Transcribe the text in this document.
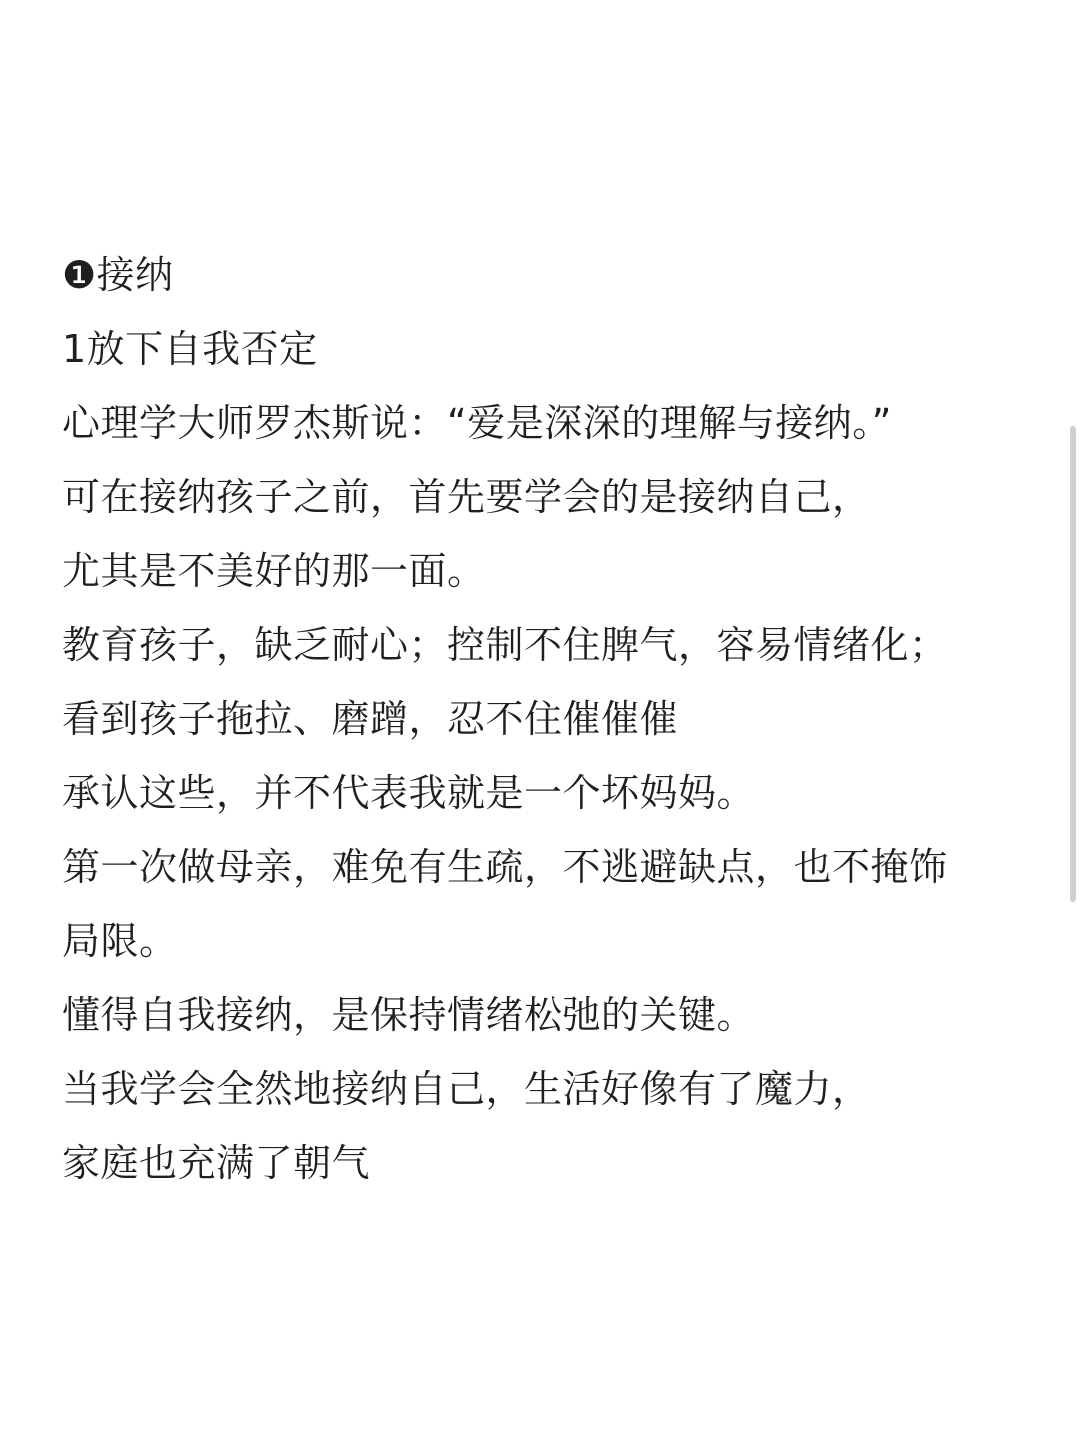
❶接纳
1放下自我否定
心理学大师罗杰斯说：“爱是深深的理解与接纳。”
可在接纳孩子之前，首先要学会的是接纳自己，
尤其是不美好的那一面。
教育孩子，缺乏耐心；控制不住脾气，容易情绪化；
看到孩子拖拉、磨蹭，忍不住催催催
承认这些，并不代表我就是一个坏妈妈。
第一次做母亲，难免有生疏，不逃避缺点，也不掩饰
局限。
懂得自我接纳，是保持情绪松弛的关键。
当我学会全然地接纳自己，生活好像有了魔力，
家庭也充满了朝气
